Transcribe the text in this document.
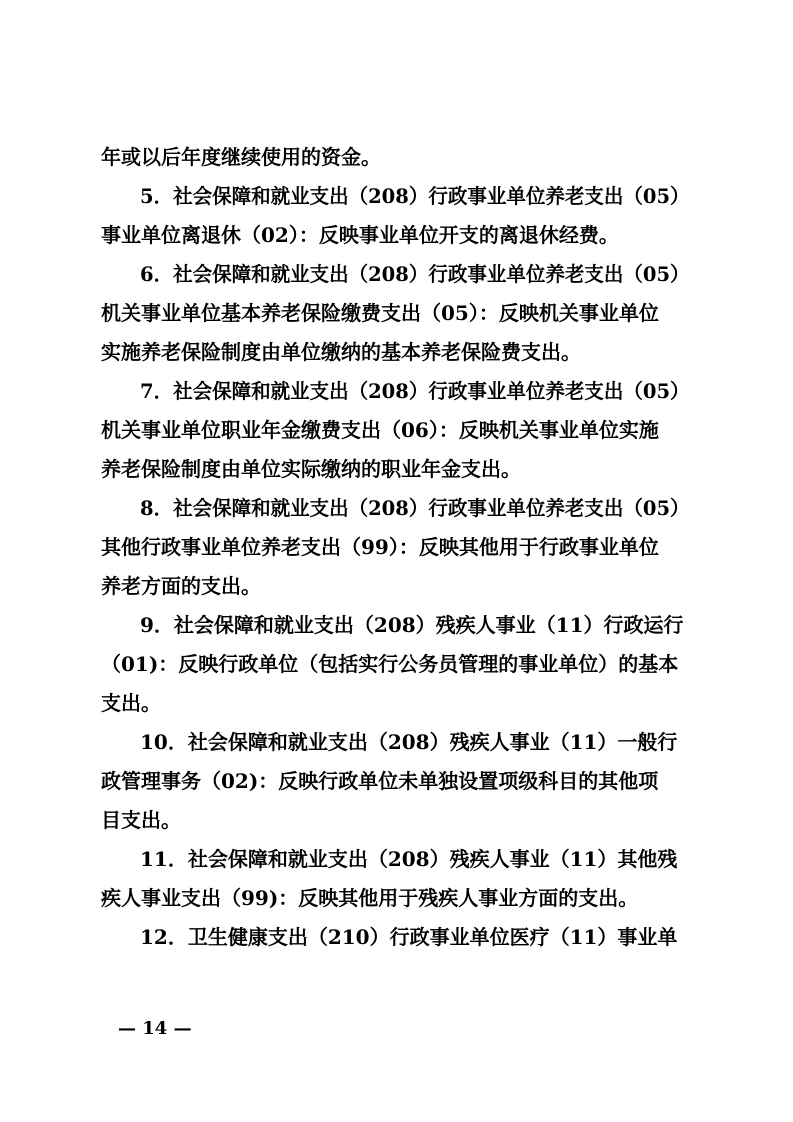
年或以后年度继续使用的资金。
5．社会保障和就业支出（208）行政事业单位养老支出（05）
事业单位离退休（02）：反映事业单位开支的离退休经费。
6．社会保障和就业支出（208）行政事业单位养老支出（05）
机关事业单位基本养老保险缴费支出（05）：反映机关事业单位
实施养老保险制度由单位缴纳的基本养老保险费支出。
7．社会保障和就业支出（208）行政事业单位养老支出（05）
机关事业单位职业年金缴费支出（06）：反映机关事业单位实施
养老保险制度由单位实际缴纳的职业年金支出。
8．社会保障和就业支出（208）行政事业单位养老支出（05）
其他行政事业单位养老支出（99）：反映其他用于行政事业单位
养老方面的支出。
9．社会保障和就业支出（208）残疾人事业（11）行政运行
（01)：反映行政单位（包括实行公务员管理的事业单位）的基本
支出。
10．社会保障和就业支出（208）残疾人事业（11）一般行
政管理事务（02)：反映行政单位未单独设置项级科目的其他项
目支出。
11．社会保障和就业支出（208）残疾人事业（11）其他残
疾人事业支出（99)：反映其他用于残疾人事业方面的支出。
12．卫生健康支出（210）行政事业单位医疗（11）事业单
— 14 —
